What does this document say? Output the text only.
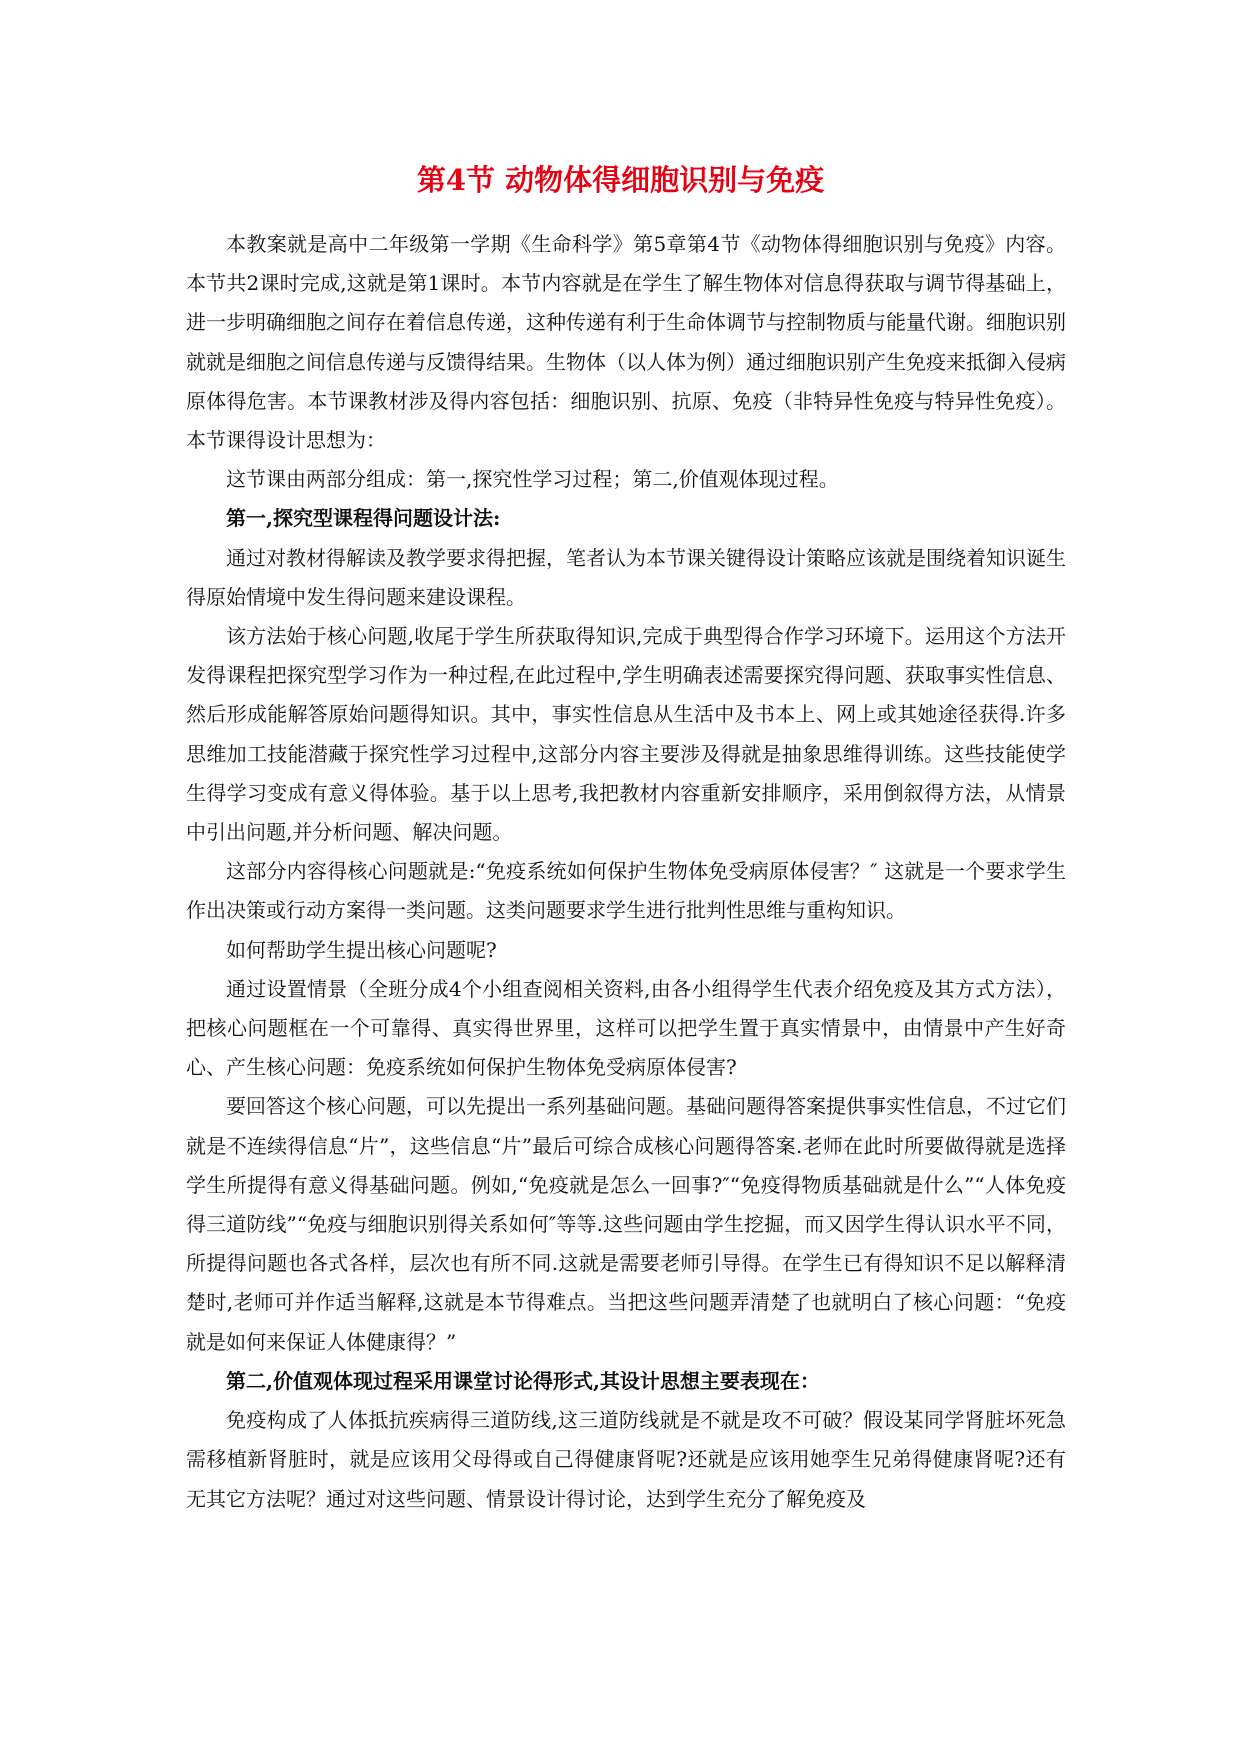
第4节 动物体得细胞识别与免疫

本教案就是高中二年级第一学期《生命科学》第5章第4节《动物体得细胞识别与免疫》内容。本节共2课时完成,这就是第1课时。本节内容就是在学生了解生物体对信息得获取与调节得基础上，进一步明确细胞之间存在着信息传递，这种传递有利于生命体调节与控制物质与能量代谢。细胞识别就就是细胞之间信息传递与反馈得结果。生物体（以人体为例）通过细胞识别产生免疫来抵御入侵病原体得危害。本节课教材涉及得内容包括：细胞识别、抗原、免疫（非特异性免疫与特异性免疫）。本节课得设计思想为：

这节课由两部分组成：第一,探究性学习过程；第二,价值观体现过程。

第一,探究型课程得问题设计法:

通过对教材得解读及教学要求得把握，笔者认为本节课关键得设计策略应该就是围绕着知识诞生得原始情境中发生得问题来建设课程。

该方法始于核心问题,收尾于学生所获取得知识,完成于典型得合作学习环境下。运用这个方法开发得课程把探究型学习作为一种过程,在此过程中,学生明确表述需要探究得问题、获取事实性信息、然后形成能解答原始问题得知识。其中，事实性信息从生活中及书本上、网上或其她途径获得.许多思维加工技能潜藏于探究性学习过程中,这部分内容主要涉及得就是抽象思维得训练。这些技能使学生得学习变成有意义得体验。基于以上思考,我把教材内容重新安排顺序，采用倒叙得方法，从情景中引出问题,并分析问题、解决问题。

这部分内容得核心问题就是:“免疫系统如何保护生物体免受病原体侵害？″ 这就是一个要求学生作出决策或行动方案得一类问题。这类问题要求学生进行批判性思维与重构知识。

如何帮助学生提出核心问题呢?

通过设置情景（全班分成4个小组查阅相关资料,由各小组得学生代表介绍免疫及其方式方法），把核心问题框在一个可靠得、真实得世界里，这样可以把学生置于真实情景中，由情景中产生好奇心、产生核心问题：免疫系统如何保护生物体免受病原体侵害?

要回答这个核心问题，可以先提出一系列基础问题。基础问题得答案提供事实性信息，不过它们就是不连续得信息“片”，这些信息“片”最后可综合成核心问题得答案.老师在此时所要做得就是选择学生所提得有意义得基础问题。例如,“免疫就是怎么一回事?″“免疫得物质基础就是什么”“人体免疫得三道防线”“免疫与细胞识别得关系如何″等等.这些问题由学生挖掘，而又因学生得认识水平不同，所提得问题也各式各样，层次也有所不同.这就是需要老师引导得。在学生已有得知识不足以解释清楚时,老师可并作适当解释,这就是本节得难点。当把这些问题弄清楚了也就明白了核心问题：“免疫就是如何来保证人体健康得？”

第二,价值观体现过程采用课堂讨论得形式,其设计思想主要表现在：

免疫构成了人体抵抗疾病得三道防线,这三道防线就是不就是攻不可破？假设某同学肾脏坏死急需移植新肾脏时，就是应该用父母得或自己得健康肾呢?还就是应该用她孪生兄弟得健康肾呢?还有无其它方法呢？通过对这些问题、情景设计得讨论，达到学生充分了解免疫及
